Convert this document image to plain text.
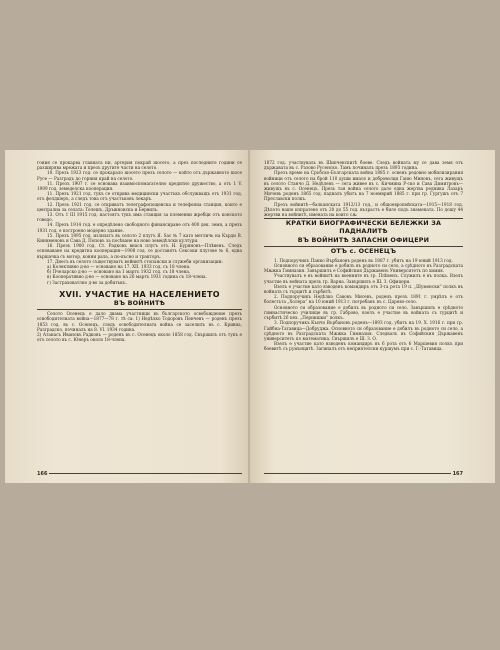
гония се прокарва главната ни, артерия покрай шосето, а през последните години се разширява мрежата и презъ другите части на селото.

10. Презъ 1923 год. се прокарало шосето презъ селото — който отъ държавното шосе Русе — Разградъ до горния край на селото.

11. Презъ 1907 г. се основава взаимоспомагателно кредитно дружество, а отъ 1 V. 1909 год. земеделска кооперация.

11. Презъ 1921 год. тукъ се открива медицински участъкъ обслужващъ отъ 1931 год. отъ фелдшеръ, а следъ това отъ участъковъ лекаръ.

12. Презъ 1921 год. се откриватъ телеграфопощенска и телефонна станция, които е централна за селата: Телешъ, Дръжноиска и Бервиль.

13. Отъ 1 III 1915 год. настоятъ тукъ има станция за племенни жребци отъ конското говедо.

14. Презъ 1914 год. е опредѣлено свободното финансиране отъ 400 дек. земя, а презъ 1931 год. е построено модерно здание.

15. Презъ 1895 год. излизатъ въ селото 2 плугъ Я. Sac № 7 като метличь на Кърди В. Кинименовъ и Сава Д. Поповъ за посѣване на ново земедѣлски култури.

16. Презъ 1900 год. Ст. Радковъ внася плугъ отъ Н. Буряновъ—Плѣвенъ. Следъ основаване на кредитна кооперация—1908 год. се доставятъ Сексоки плугове № 6, една вършачка съ мотор, конни рала, а по-късно и тракторъ.

17. Днесъ въ селото съществуватъ войнитѣ стопански и служеби организации:

а) Колективно д-во — основано на 17. XII. 1933 год. съ 18 члена.

б) Пчеларско д-во — основано на 1 мартъ 1932 год. съ 18 члена.

в) Кооперативно д-во — основано на 26 мартъ 1931 година съ 18-члена.

г) Застраховатлно д-во за добитъкъ.

XVII. УЧАСТИЕ НА НАСЕЛЕНИЕТО
ВЪ ВОЙНИТѢ

Селото Осенецъ е дало двама участници въ българското освобождение презъ освободителната война—1877—78 г. тѣ са: 1) Недѣлко Тодоровъ Пенчевъ — роденъ презъ 1853 год. въ с. Осенецъ, следъ освободителната война се заселилъ въ с. Кривна, Разградско, починалъ на 8. VI. 1934 година.

2) Атанасъ Ивановъ Радковъ — роденъ въ с. Осенецъ около 1858 год. Свършилъ отъ тукъ е отъ селото въ с. Юнеръ около 18-члена.

166

1872 год. участвуваль въ Шипченскитѣ боеве. Следъ войната му се дава земя отъ държавата въ с. Разово Русенско. Тамъ починалъ презъ 1893 година.

Презъ време на Сръбско-Българската война 1885 г. освенъ редовно мобилизирания войници отъ селото на брой 110 души имало и доброволци Ганю Миновъ, сега живущъ въ селото Станчо Д. Недѣлевъ — сега живее въ с. Кичмина Р-ско и Сава Димитровъ—живущъ въ с. Осенецъ. Презъ тая война селото дало една жертва редника Лазаръ Мичевъ роденъ 1865 год. падналъ убитъ на 7 ноемврий 1885 г. при гр. Гургушъ отъ 7 Преславски полкъ.

Презъ войнитѣ—балканската 1912/13 год., и общоевропейската—1915—1918 год. Дѣлото наше изпратено отъ 20 до 55 год. възрастъ е било подъ знамената. По дошу 44 жертви на войнитѣ, имената на които сѫ:

КРАТКИ БИОГРАФИЧЕСКИ БЕЛЕЖКИ ЗА ПАДНАЛИТѢ
ВЪ ВОЙНИТѢ ЗАПАСНИ ОФИЦЕРИ
ОТЪ с. ОСЕНЕЦЪ

1. Подпоручикъ Панко Върбановъ роденъ въ 1887 г. убитъ на 19 юний 1913 год.

Основното си образование е добилъ въ родното си село, а срѣдното въ Разградската Мѫжка Гимназия. Завършилъ е Софийския Държавенъ Университетъ по химия.

Участвувалъ е въ войнитѣ на военните въ гр. Плѣвенъ. Служилъ е въ полка. Взелъ участие въ войната презъ гр. Варна. Завършилъ е Ш. З. Офицери.

Взелъ е участие като взводенъ командиръ отъ 3-та рота 19 п. „Шуменски“ полкъ въ войната съ гърцитѣ и сърбитѣ.

2. Подпоручикъ Недѣлко Савовъ Мисевъ, роденъ презъ 1891 г. умрѣлъ е отъ болестьта „Холера“ на 10 юний 1913 г. погребанъ въ с. Царево-село.

Основното си образование е добилъ въ родното си село. Завършилъ е срѣдното гимнастическо училище въ гр. Габрово, взелъ е участие въ войната съ турцитѣ и сърбитѣ 26 пех. „Пернишки“ полкъ.

3. Подпоручикъ Кънчо Върбановъ роденъ—1893 год. убитъ на 19. X. 1916 г. при гр. Гайбна-Татавица—Добруджа. Основното си образование е добилъ въ родното си село, а срѣдното въ Разградската Мѫжка Гимназия. Следвалъ въ Софийския Държавенъ университетъ по математика. Свършилъ е Ш. З. О.

Взелъ е участие като взводенъ командиръ въ 6 рота отъ 6 Маршевия полкъ при боевитѣ съ румънцитѣ. Загиналъ отъ неприятелски куршумъ при с. Г.-Татавица.

167
